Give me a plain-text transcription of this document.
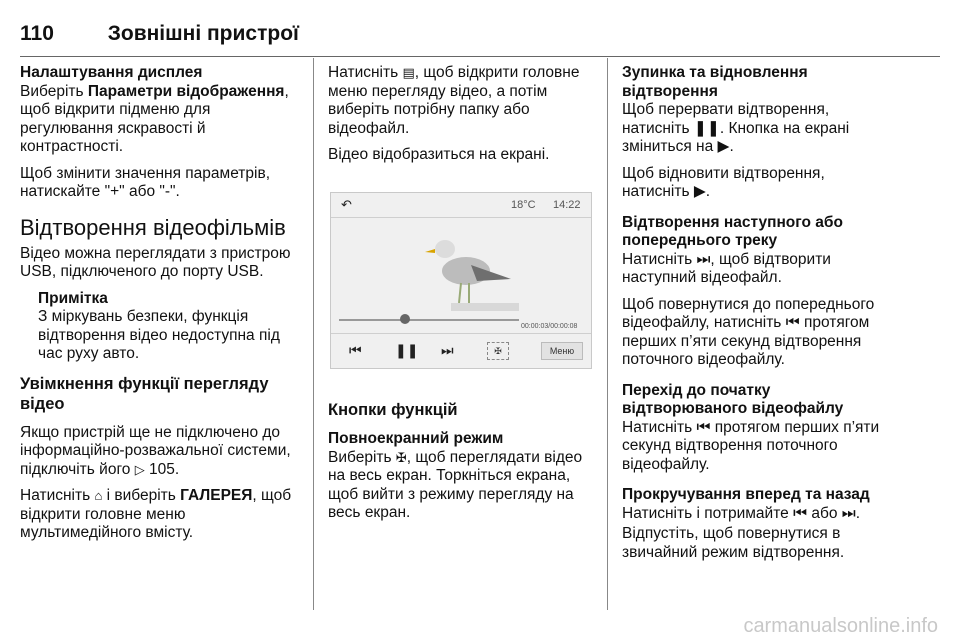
110	Зовнішні пристрої
Налаштування дисплея

Виберіть Параметри відображення, щоб відкрити підменю для регулювання яскравості й контрастності.

Щоб змінити значення параметрів, натискайте "+" або "-".

Відтворення відеофільмів

Відео можна переглядати з пристрою USB, підключеного до порту USB.

Примітка
З міркувань безпеки, функція відтворення відео недоступна під час руху авто.
Увімкнення функції перегляду відео

Якщо пристрій ще не підключено до інформаційно-розважальної системи, підключіть його ▷ 105.

Натисніть ⌂ і виберіть ГАЛЕРЕЯ, щоб відкрити головне меню мультимедійного вмісту.

Натисніть ▤, щоб відкрити головне меню перегляду відео, а потім виберіть потрібну папку або відеофайл.

Відео відобразиться на екрані.

↶	18°C 14:22
00:00:03/00:00:08
⏮ ❚❚ ⏭	✠	Меню
Кнопки функцій
Повноекранний режим

Виберіть ✠, щоб переглядати відео на весь екран. Торкніться екрана, щоб вийти з режиму перегляду на весь екран.

Зупинка та відновлення відтворення

Щоб перервати відтворення, натисніть ❚❚. Кнопка на екрані зміниться на ▶.

Щоб відновити відтворення, натисніть ▶.

Відтворення наступного або попереднього треку

Натисніть ⏭, щоб відтворити наступний відеофайл.

Щоб повернутися до попереднього відеофайлу, натисніть ⏮ протягом перших п’яти секунд відтворення поточного відеофайлу.

Перехід до початку відтворюваного відеофайлу

Натисніть ⏮ протягом перших п’яти секунд відтворення поточного відеофайлу.

Прокручування вперед та назад

Натисніть і потримайте ⏮ або ⏭.

Відпустіть, щоб повернутися в звичайний режим відтворення.

carmanualsonline.info
